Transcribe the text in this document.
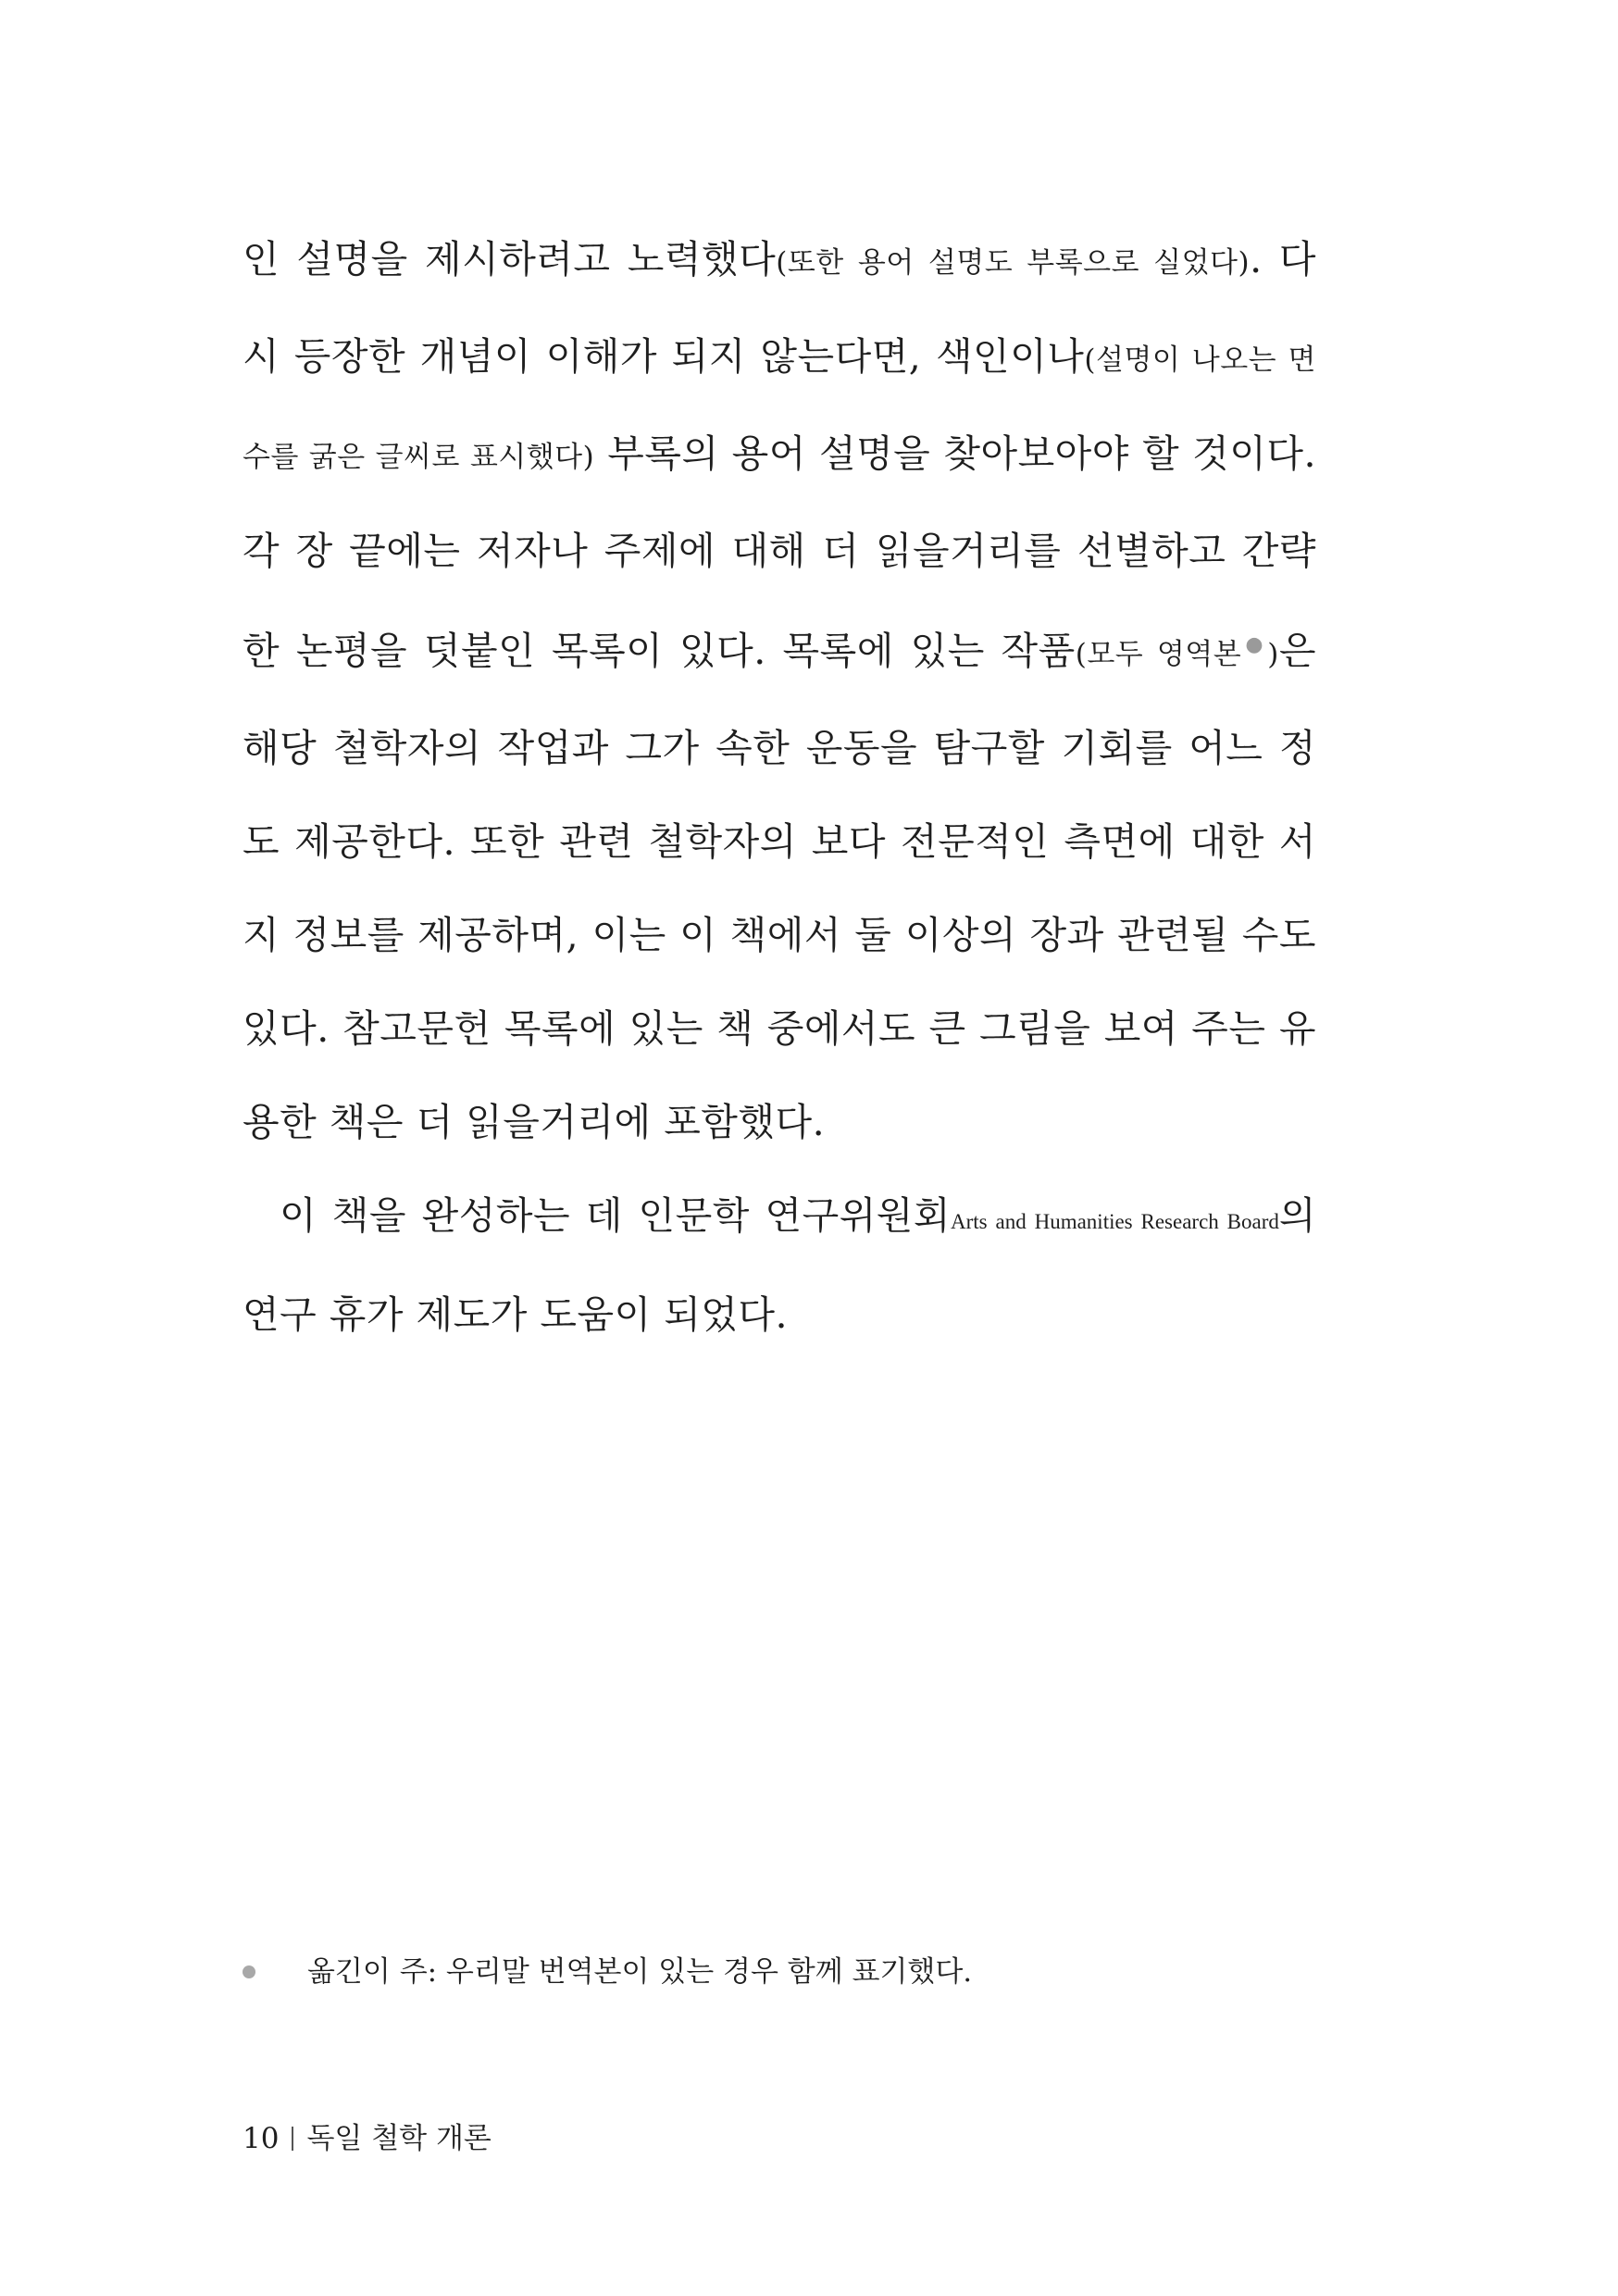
인 설명을 제시하려고 노력했다(또한 용어 설명도 부록으로 실었다). 다시 등장한 개념이 이해가 되지 않는다면, 색인이나(설명이 나오는 면수를 굵은 글씨로 표시했다) 부록의 용어 설명을 찾아보아야 할 것이다. 각 장 끝에는 저자나 주제에 대해 더 읽을거리를 선별하고 간략한 논평을 덧붙인 목록이 있다. 목록에 있는 작품(모두 영역본●)은 해당 철학자의 작업과 그가 속한 운동을 탐구할 기회를 어느 정도 제공한다. 또한 관련 철학자의 보다 전문적인 측면에 대한 서지 정보를 제공하며, 이는 이 책에서 둘 이상의 장과 관련될 수도 있다. 참고문헌 목록에 있는 책 중에서도 큰 그림을 보여 주는 유용한 책은 더 읽을거리에 포함했다.

이 책을 완성하는 데 인문학 연구위원회Arts and Humanities Research Board의 연구 휴가 제도가 도움이 되었다.

옮긴이 주: 우리말 번역본이 있는 경우 함께 표기했다.
10 독일 철학 개론
